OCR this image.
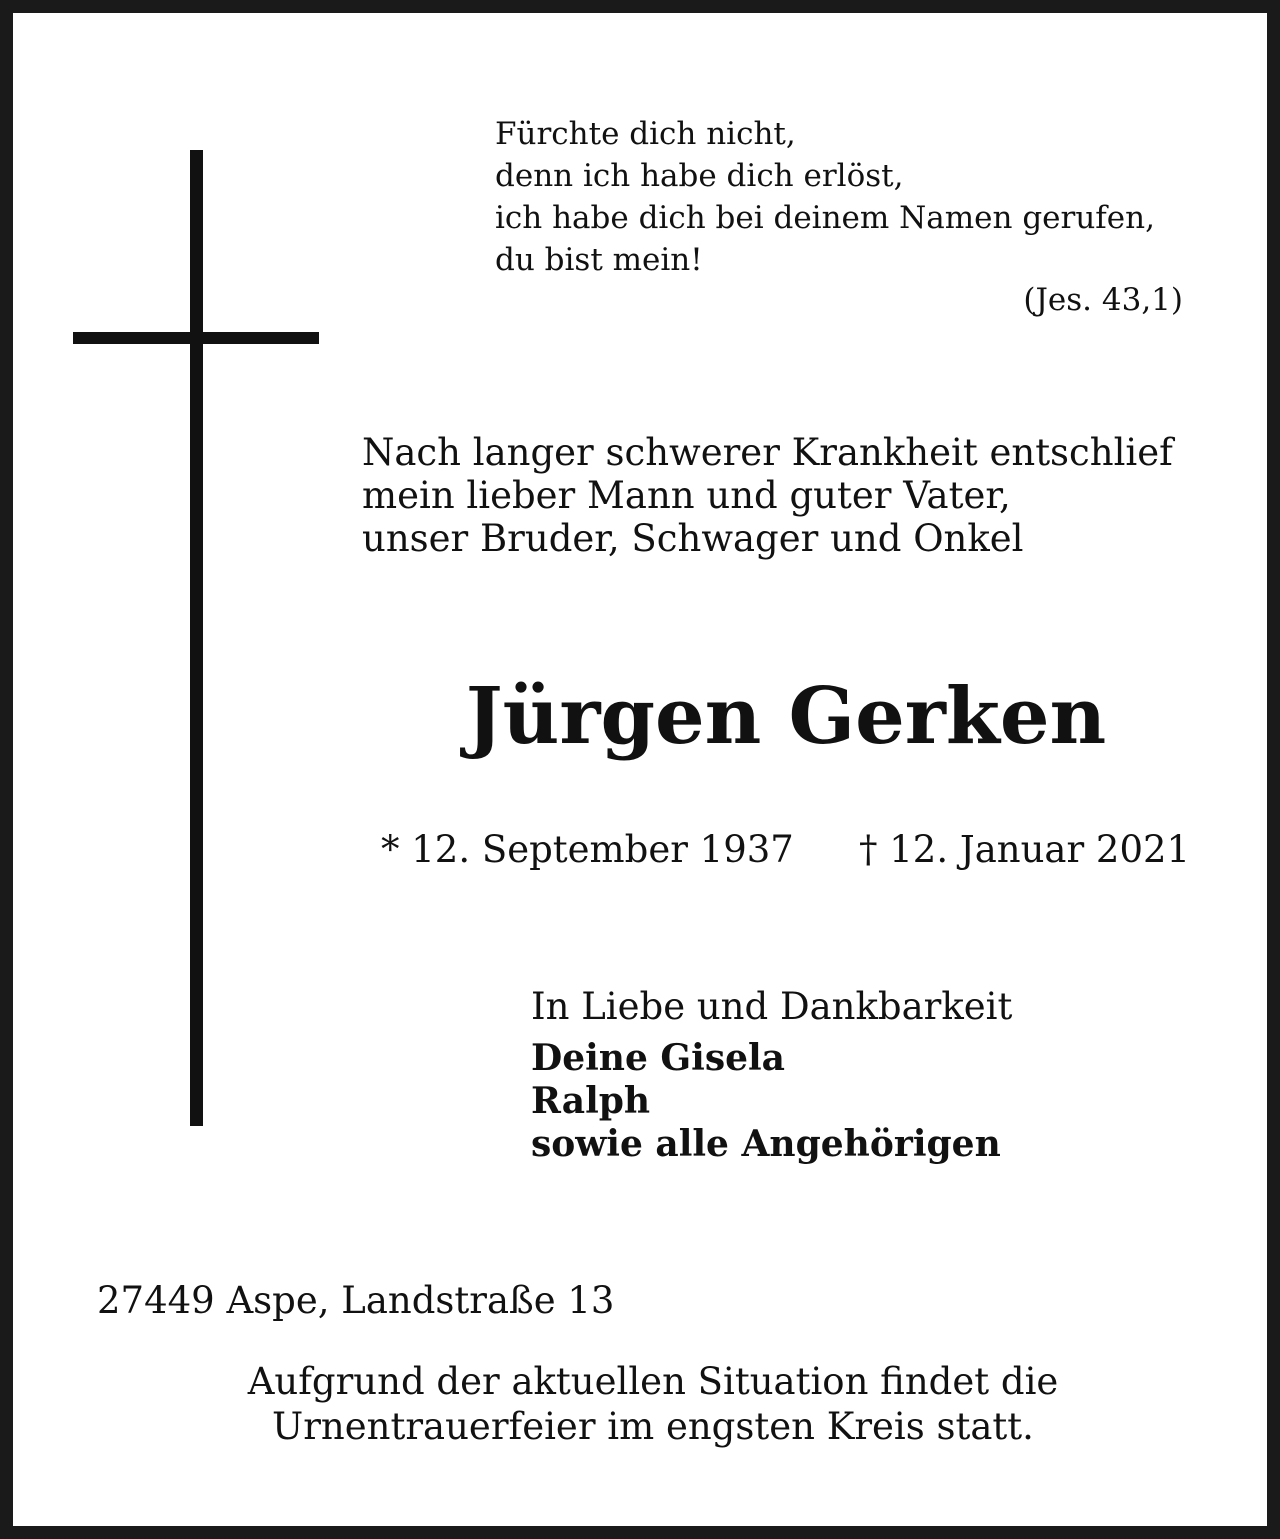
Fürchte dich nicht,
denn ich habe dich erlöst,
ich habe dich bei deinem Namen gerufen,
du bist mein!
(Jes. 43,1)
Nach langer schwerer Krankheit entschlief
mein lieber Mann und guter Vater,
unser Bruder, Schwager und Onkel
Jürgen Gerken
* 12. September 1937 † 12. Januar 2021
In Liebe und Dankbarkeit
Deine Gisela
Ralph
sowie alle Angehörigen
27449 Aspe, Landstraße 13
Aufgrund der aktuellen Situation findet die
Urnentrauerfeier im engsten Kreis statt.
